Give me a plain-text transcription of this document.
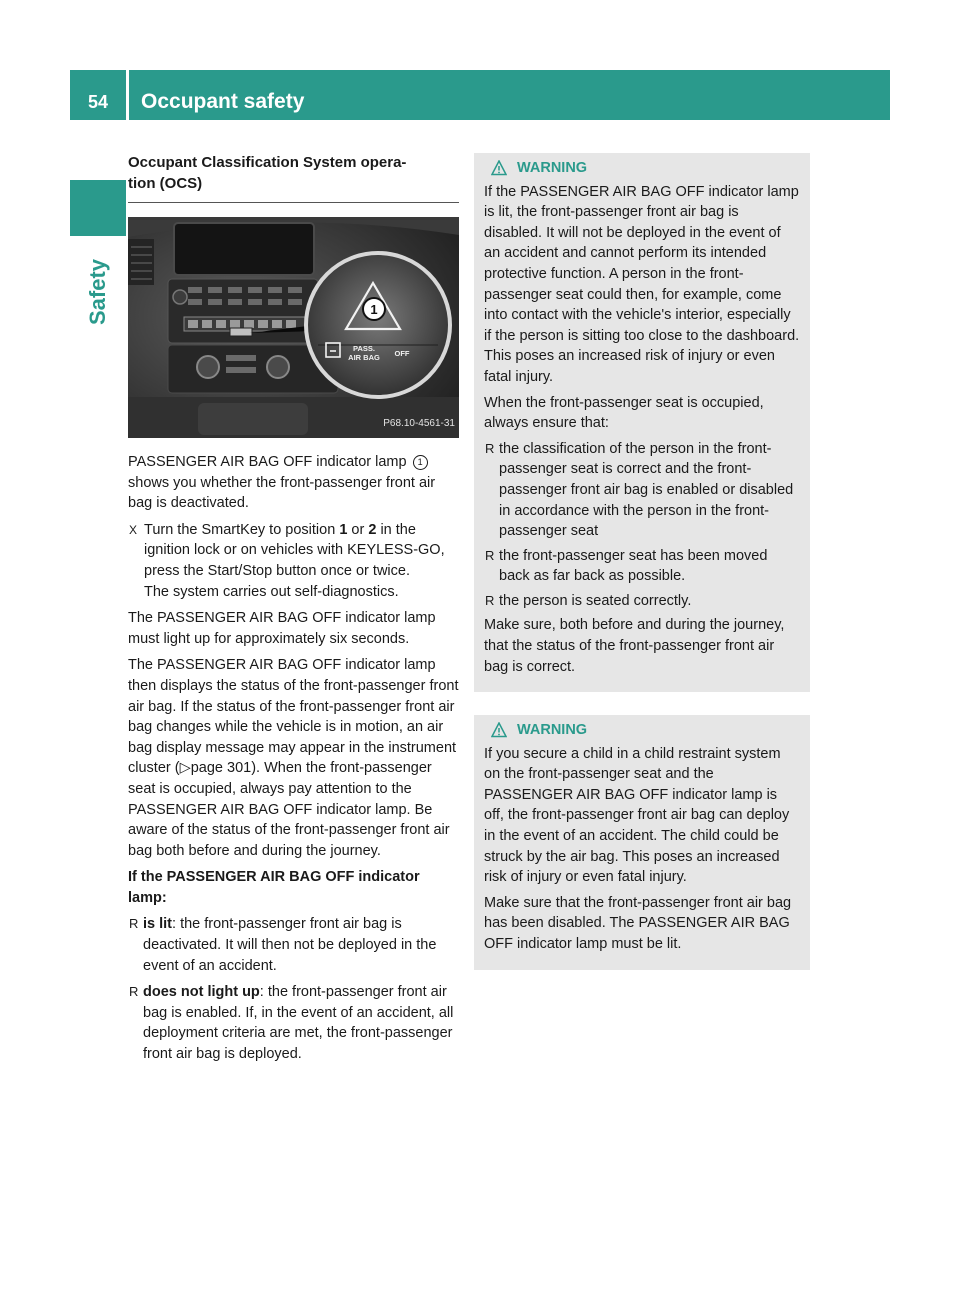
54	Occupant safety
Safety
Occupant Classification System opera-
tion (OCS)
1
PASS.
AIR BAG OFF
P68.10-4561-31

PASSENGER AIR BAG OFF indicator lamp 1 shows you whether the front-passenger front air bag is deactivated.

X Turn the SmartKey to position 1 or 2 in the ignition lock or on vehicles with KEYLESS-GO, press the Start/Stop button once or twice.
The system carries out self-diagnostics.

The PASSENGER AIR BAG OFF indicator lamp must light up for approximately six seconds.

The PASSENGER AIR BAG OFF indicator lamp then displays the status of the front-passenger front air bag. If the status of the front-passenger front air bag changes while the vehicle is in motion, an air bag display message may appear in the instrument cluster (▷page 301). When the front-passenger seat is occupied, always pay attention to the PASSENGER AIR BAG OFF indicator lamp. Be aware of the status of the front-passenger front air bag both before and during the journey.

If the PASSENGER AIR BAG OFF indicator lamp:

R is lit: the front-passenger front air bag is deactivated. It will then not be deployed in the event of an accident.
R does not light up: the front-passenger front air bag is enabled. If, in the event of an accident, all deployment criteria are met, the front-passenger front air bag is deployed.
WARNING

If the PASSENGER AIR BAG OFF indicator lamp is lit, the front-passenger front air bag is disabled. It will not be deployed in the event of an accident and cannot perform its intended protective function. A person in the front-passenger seat could then, for example, come into contact with the vehicle's interior, especially if the person is sitting too close to the dashboard. This poses an increased risk of injury or even fatal injury.

When the front-passenger seat is occupied, always ensure that:

R the classification of the person in the front-passenger seat is correct and the front-passenger front air bag is enabled or disabled in accordance with the person in the front-passenger seat
R the front-passenger seat has been moved back as far back as possible.
R the person is seated correctly.

Make sure, both before and during the journey, that the status of the front-passenger front air bag is correct.

WARNING

If you secure a child in a child restraint system on the front-passenger seat and the PASSENGER AIR BAG OFF indicator lamp is off, the front-passenger front air bag can deploy in the event of an accident. The child could be struck by the air bag. This poses an increased risk of injury or even fatal injury.

Make sure that the front-passenger front air bag has been disabled. The PASSENGER AIR BAG OFF indicator lamp must be lit.
